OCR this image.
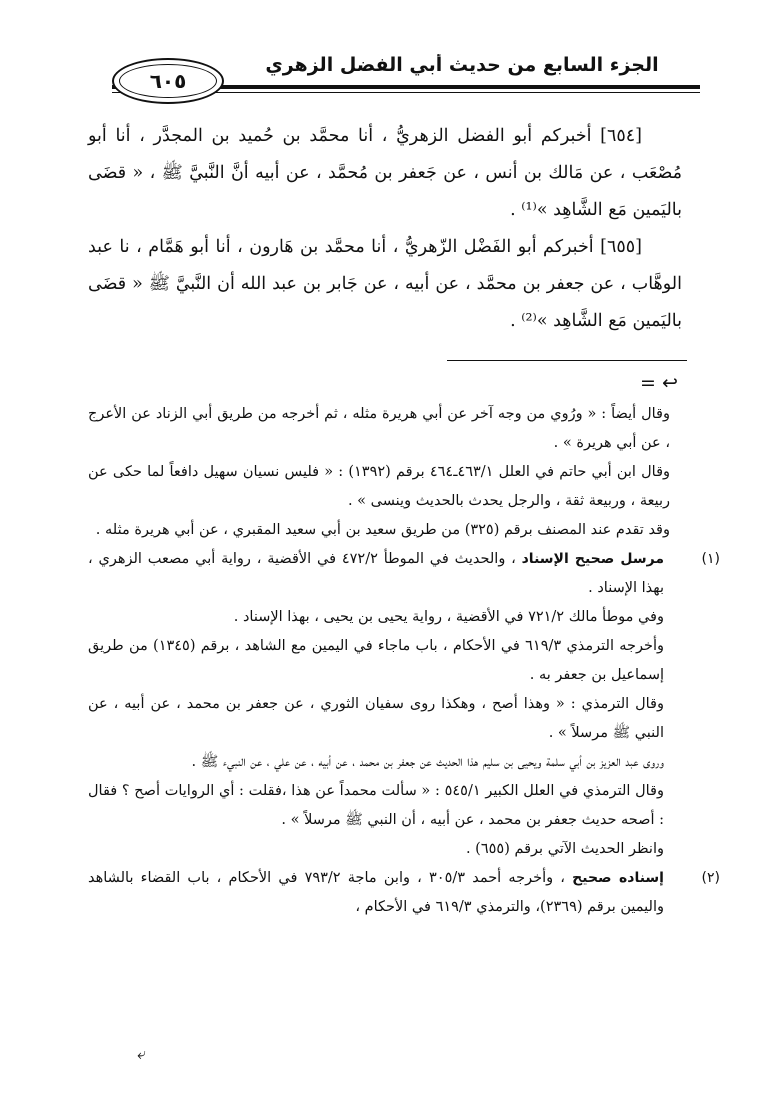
الجزء السابع من حديث أبي الفضل الزهري
٦٠٥

[٦٥٤] أخبركم أبو الفضل الزهريُّ ، أنا محمَّد بن حُميد بن المجدَّر ، أنا أبو مُصْعَب ، عن مَالك بن أنس ، عن جَعفر بن مُحمَّد ، عن أبيه أنَّ النَّبيَّ ﷺ ، « قضَى باليَمين مَع الشَّاهِد »⁽¹⁾ .

[٦٥٥] أخبركم أبو الفَضْل الزّهريُّ ، أنا محمَّد بن هَارون ، أنا أبو هَمَّام ، نا عبد الوهَّاب ، عن جعفر بن محمَّد ، عن أبيه ، عن جَابر بن عبد الله أن النَّبيَّ ﷺ « قضَى باليَمين مَع الشَّاهِد »⁽²⁾ .

= ↩

وقال أيضاً : « ورُوي من وجه آخر عن أبي هريرة مثله ، ثم أخرجه من طريق أبي الزناد عن الأعرج ، عن أبي هريرة » .

وقال ابن أبي حاتم في العلل ٤٦٣/١ـ٤٦٤ برقم (١٣٩٢) : « فليس نسيان سهيل دافعاً لما حكى عن ربيعة ، وربيعة ثقة ، والرجل يحدث بالحديث وينسى » .

وقد تقدم عند المصنف برقم (٣٢٥) من طريق سعيد بن أبي سعيد المقبري ، عن أبي هريرة مثله .

(١)

مرسل صحيح الإسناد ، والحديث في الموطأ ٤٧٢/٢ في الأقضية ، رواية أبي مصعب الزهري ، بهذا الإسناد .

وفي موطأ مالك ٧٢١/٢ في الأقضية ، رواية يحيى بن يحيى ، بهذا الإسناد .

وأخرجه الترمذي ٦١٩/٣ في الأحكام ، باب ماجاء في اليمين مع الشاهد ، برقم (١٣٤٥) من طريق إسماعيل بن جعفر به .

وقال الترمذي : « وهذا أصح ، وهكذا روى سفيان الثوري ، عن جعفر بن محمد ، عن أبيه ، عن النبي ﷺ مرسلاً » .

وروى عبد العزيز بن أبي سلمة ويحيى بن سليم هذا الحديث عن جعفر بن محمد ، عن أبيه ، عن علي ، عن النبيء ﷺ .

وقال الترمذي في العلل الكبير ٥٤٥/١ : « سألت محمداً عن هذا ،فقلت : أي الروايات أصح ؟ فقال : أصحه حديث جعفر بن محمد ، عن أبيه ، أن النبي ﷺ مرسلاً » .

وانظر الحديث الآتي برقم (٦٥٥) .

(٢)

إسناده صحيح ، وأخرجه أحمد ٣٠٥/٣ ، وابن ماجة ٧٩٣/٢ في الأحكام ، باب القضاء بالشاهد واليمين برقم (٢٣٦٩)، والترمذي ٦١٩/٣ في الأحكام ،

⤶
